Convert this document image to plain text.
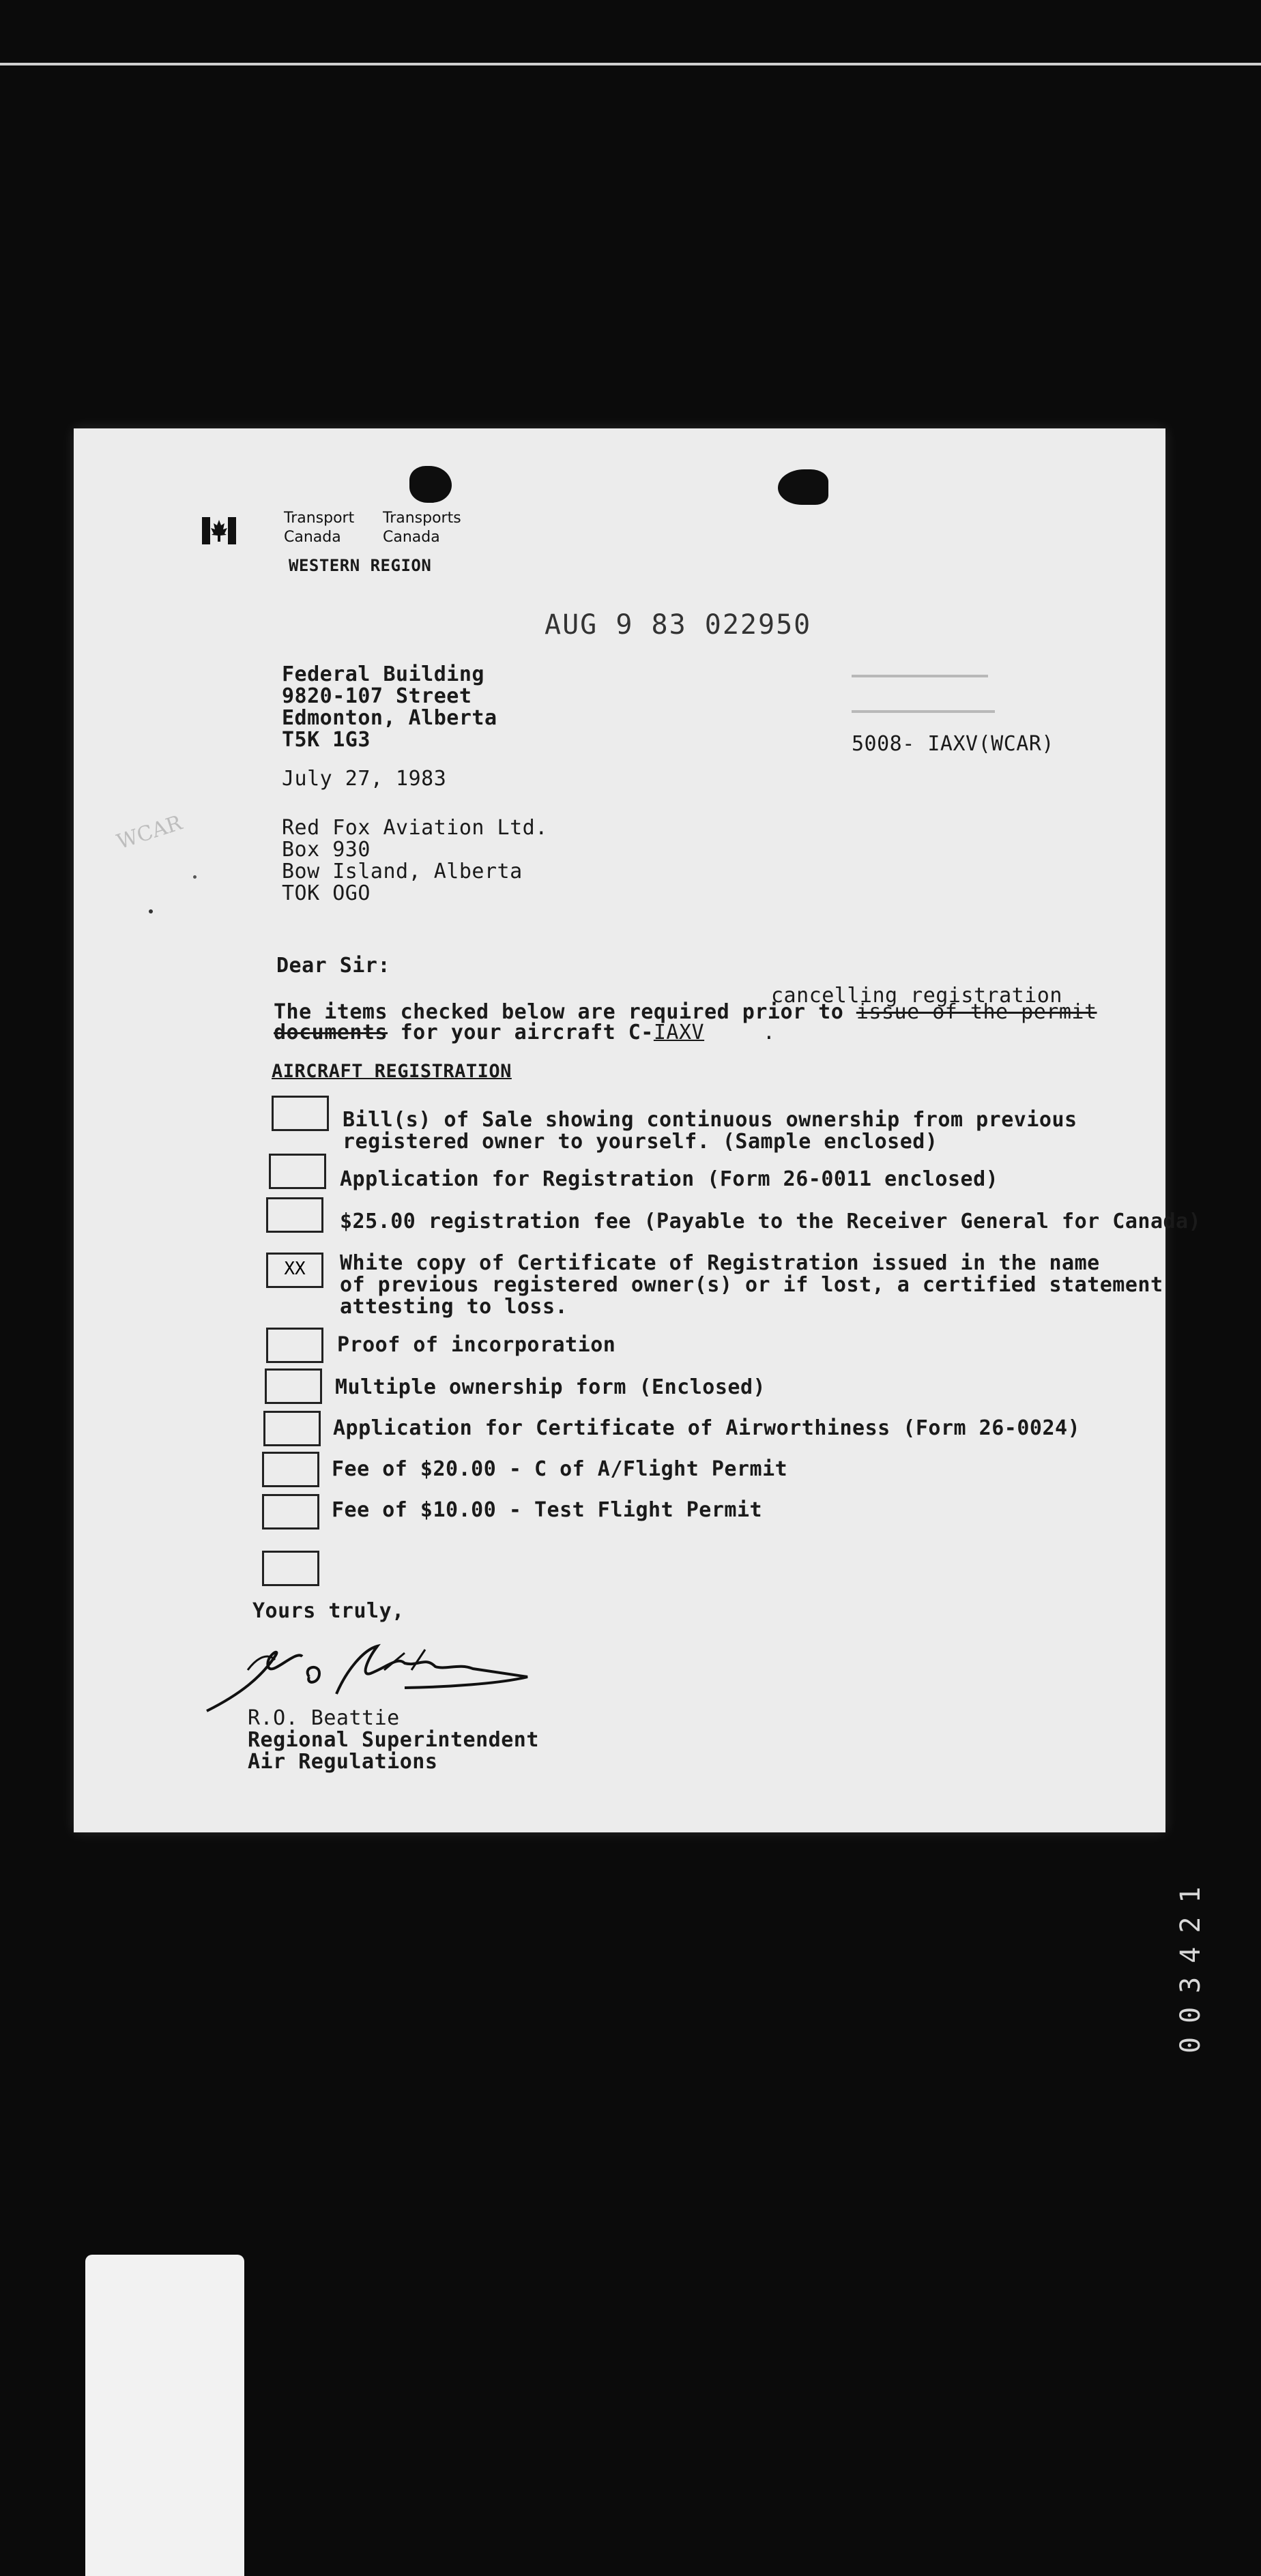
Transport
Canada
Transports
Canada
WESTERN REGION
AUG 9 83 022950
Federal Building
9820-107 Street
Edmonton, Alberta
T5K 1G3	5008- IAXV(WCAR)
July 27, 1983
WCAR	Red Fox Aviation Ltd.
Box 930
Bow Island, Alberta
TOK OGO
Dear Sir:
cancelling registration
The items checked below are required prior to issue of the permit
documents for your aircraft C-IAXV	.
AIRCRAFT REGISTRATION
Bill(s) of Sale showing continuous ownership from previous
registered owner to yourself. (Sample enclosed)
Application for Registration (Form 26-0011 enclosed)
$25.00 registration fee (Payable to the Receiver General for Canada)
XX	White copy of Certificate of Registration issued in the name
of previous registered owner(s) or if lost, a certified statement
attesting to loss.
Proof of incorporation
Multiple ownership form (Enclosed)
Application for Certificate of Airworthiness (Form 26-0024)
Fee of $20.00 - C of A/Flight Permit
Fee of $10.00 - Test Flight Permit
Yours truly,
R.O. Beattie
Regional Superintendent
Air Regulations
003421
